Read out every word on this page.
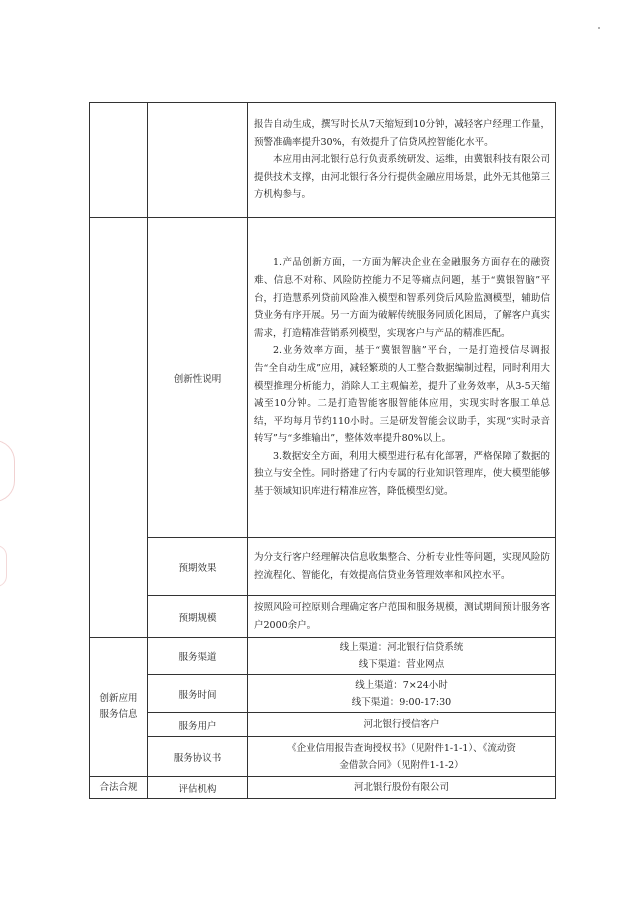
		报告自动生成，撰写时长从7天缩短到10分钟，减轻客户经理工作量，预警准确率提升30%，有效提升了信贷风控智能化水平。

本应用由河北银行总行负责系统研发、运维，由冀银科技有限公司提供技术支撑，由河北银行各分行提供金融应用场景，此外无其他第三方机构参与。

	创新性说明	1.产品创新方面，一方面为解决企业在金融服务方面存在的融资难、信息不对称、风险防控能力不足等痛点问题，基于“冀银智脑”平台，打造慧系列贷前风险准入模型和智系列贷后风险监测模型，辅助信贷业务有序开展。另一方面为破解传统服务同质化困局，了解客户真实需求，打造精准营销系列模型，实现客户与产品的精准匹配。

2.业务效率方面，基于“冀银智脑”平台，一是打造授信尽调报告“全自动生成”应用，减轻繁琐的人工整合数据编制过程，同时利用大模型推理分析能力，消除人工主观偏差，提升了业务效率，从3-5天缩减至10分钟。二是打造智能客服智能体应用，实现实时客服工单总结，平均每月节约110小时。三是研发智能会议助手，实现“实时录音转写”与“多维输出”，整体效率提升80%以上。

3.数据安全方面，利用大模型进行私有化部署，严格保障了数据的独立与安全性。同时搭建了行内专属的行业知识管理库，使大模型能够基于领域知识库进行精准应答，降低模型幻觉。

	预期效果	为分支行客户经理解决信息收集整合、分析专业性等问题，实现风险防控流程化、智能化，有效提高信贷业务管理效率和风控水平。

	预期规模	按照风险可控原则合理确定客户范围和服务规模，测试期间预计服务客户2000余户。

创新应用服务信息	服务渠道	线上渠道：河北银行信贷系统
线下渠道：营业网点

	服务时间	线上渠道：7×24小时
线下渠道：9:00-17:30

	服务用户	河北银行授信客户

	服务协议书	《企业信用报告查询授权书》（见附件1-1-1）、《流动资
金借款合同》（见附件1-1-2）

合法合规	评估机构	河北银行股份有限公司
